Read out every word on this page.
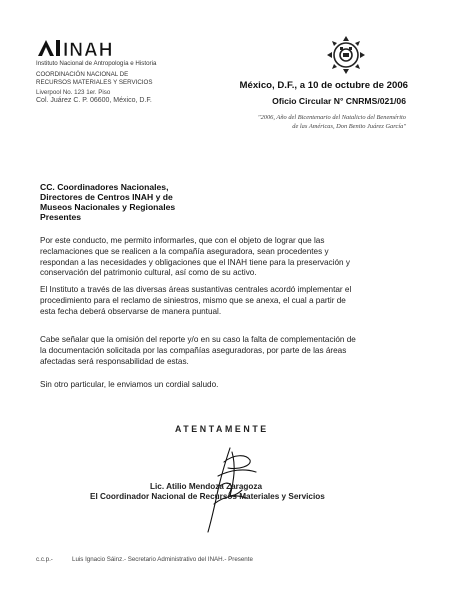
INAH
Instituto Nacional de Antropología e Historia
COORDINACIÓN NACIONAL DE
RECURSOS MATERIALES Y SERVICIOS
Liverpool No. 123 1er. Piso
Col. Juárez C. P. 06600, México, D.F.
México, D.F., a 10 de octubre de 2006
Oficio Circular N° CNRMS/021/06
"2006, Año del Bicentenario del Natalicio del Benemérito
de las Américas, Don Benito Juárez García"
CC. Coordinadores Nacionales,
Directores de Centros INAH y de
Museos Nacionales y Regionales
Presentes
Por este conducto, me permito informarles, que con el objeto de lograr que las
reclamaciones que se realicen a la compañía aseguradora, sean procedentes y
respondan a las necesidades y obligaciones que el INAH tiene para la preservación y
conservación del patrimonio cultural, así como de su activo.
El Instituto a través de las diversas áreas sustantivas centrales acordó implementar el
procedimiento para el reclamo de siniestros, mismo que se anexa, el cual a partir de
esta fecha deberá observarse de manera puntual.
Cabe señalar que la omisión del reporte y/o en su caso la falta de complementación de
la documentación solicitada por las compañías aseguradoras, por parte de las áreas
afectadas será responsabilidad de estas.
Sin otro particular, le enviamos un cordial saludo.
ATENTAMENTE
Lic. Atilio Mendoza Zaragoza
El Coordinador Nacional de Recursos Materiales y Servicios
c.c.p.-	Luis Ignacio Sáinz.- Secretario Administrativo del INAH.- Presente
